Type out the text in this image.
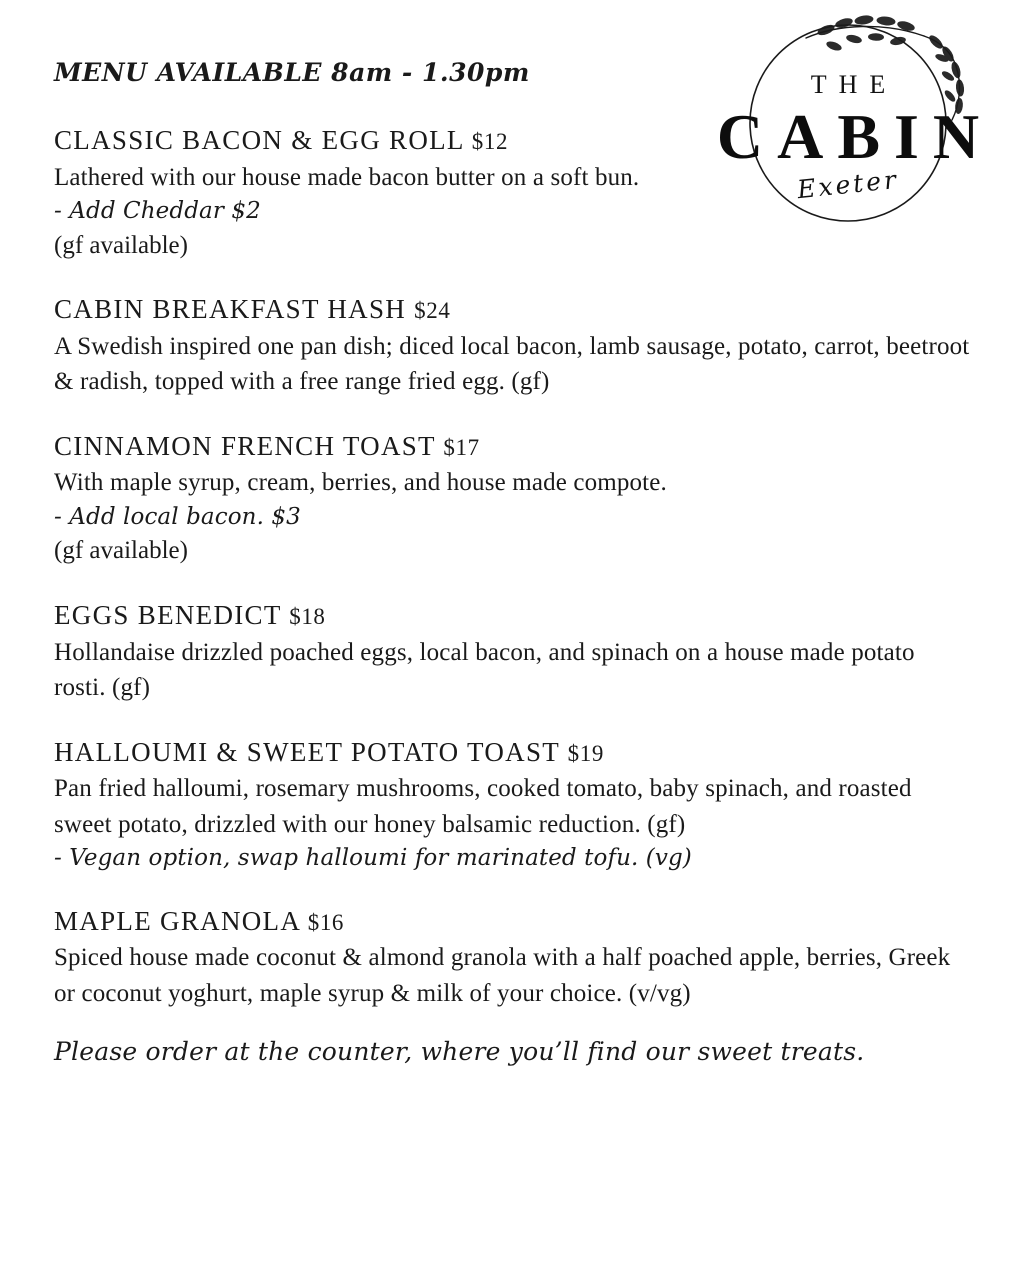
THE
CABIN
Exeter
MENU AVAILABLE 8am - 1.30pm
CLASSIC BACON & EGG ROLL $12
Lathered with our house made bacon butter on a soft bun.
- Add Cheddar $2
(gf available)
CABIN BREAKFAST HASH $24
A Swedish inspired one pan dish; diced local bacon, lamb sausage, potato, carrot, beetroot & radish, topped with a free range fried egg. (gf)
CINNAMON FRENCH TOAST $17
With maple syrup, cream, berries, and house made compote.
- Add local bacon. $3
(gf available)
EGGS BENEDICT $18
Hollandaise drizzled poached eggs, local bacon, and spinach on a house made potato rosti. (gf)
HALLOUMI & SWEET POTATO TOAST $19
Pan fried halloumi, rosemary mushrooms, cooked tomato, baby spinach, and roasted sweet potato, drizzled with our honey balsamic reduction. (gf)
- Vegan option, swap halloumi for marinated tofu. (vg)
MAPLE GRANOLA $16
Spiced house made coconut & almond granola with a half poached apple, berries, Greek or coconut yoghurt, maple syrup & milk of your choice. (v/vg)
Please order at the counter, where you’ll find our sweet treats.
